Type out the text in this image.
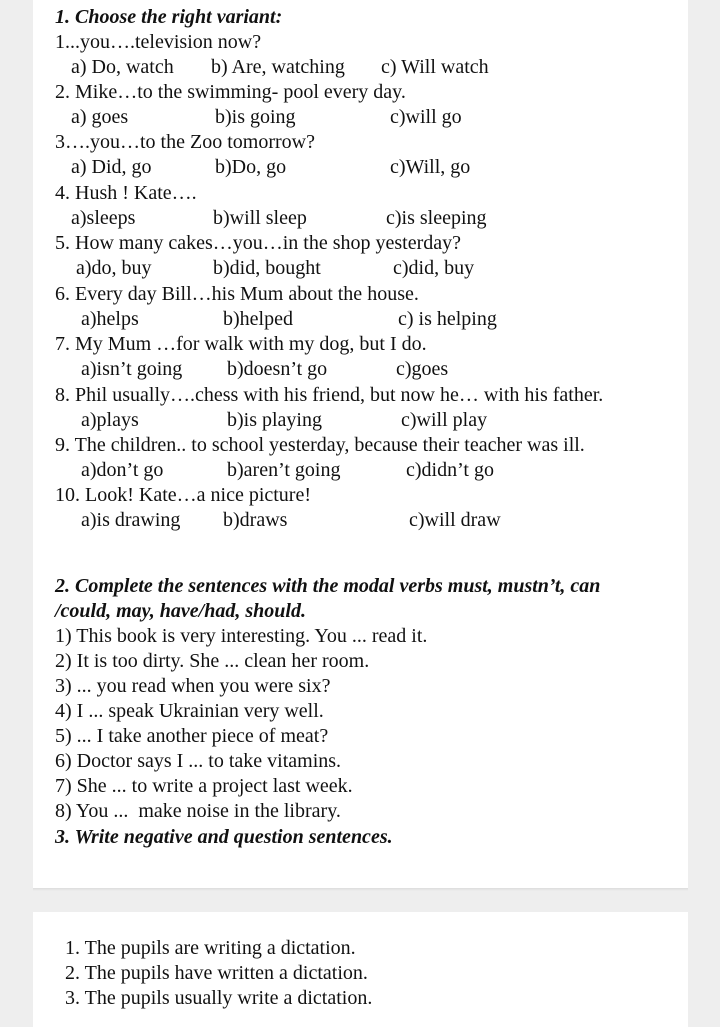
1. Choose the right variant:
1...you….television now?
a) Do, watch b) Are, watching c) Will watch
2. Mike…to the swimming- pool every day.
a) goes	b)is going	c)will go
3….you…to the Zoo tomorrow?
a) Did, go	b)Do, go	c)Will, go
4. Hush ! Kate….
a)sleeps	b)will sleep	c)is sleeping
5. How many cakes…you…in the shop yesterday?
a)do, buy	b)did, bought	c)did, buy
6. Every day Bill…his Mum about the house.
a)helps	b)helped	c) is helping
7. My Mum …for walk with my dog, but I do.
a)isn’t going b)doesn’t go	c)goes
8. Phil usually….chess with his friend, but now he… with his father.
a)plays	b)is playing	c)will play
9. The children.. to school yesterday, because their teacher was ill.
a)don’t go	b)aren’t going	c)didn’t go
10. Look! Kate…a nice picture!
a)is drawing b)draws	c)will draw
2. Complete the sentences with the modal verbs must, mustn’t, can
/could, may, have/had, should.
1) This book is very interesting. You ... read it.
2) It is too dirty. She ... clean her room.
3) ... you read when you were six?
4) I ... speak Ukrainian very well.
5) ... I take another piece of meat?
6) Doctor says I ... to take vitamins.
7) She ... to write a project last week.
8) You ...  make noise in the library.
3. Write negative and question sentences.
1. The pupils are writing a dictation.
2. The pupils have written a dictation.
3. The pupils usually write a dictation.
